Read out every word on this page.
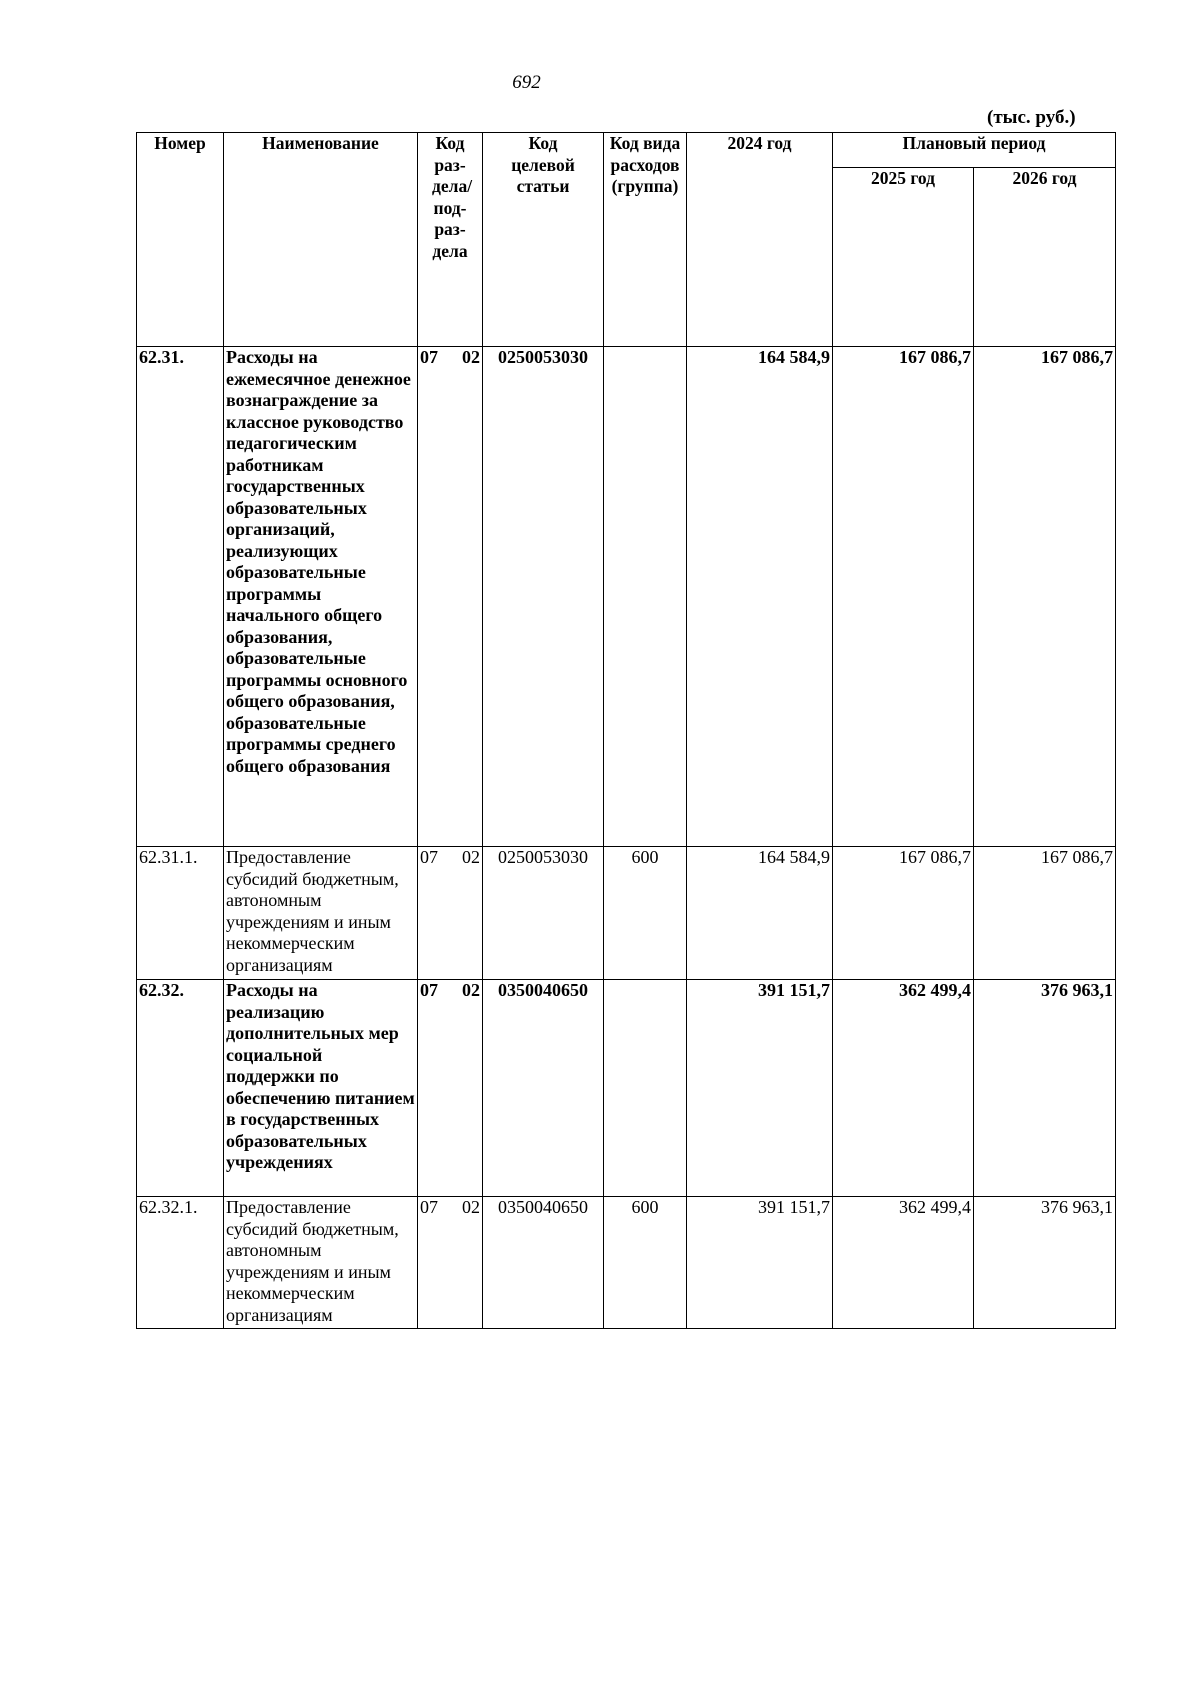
692
(тыс. руб.)
Номер	Наименование	Код раз-дела/ под-раз-дела	Код целевой статьи	Код вида расходов (группа)	2024 год	Плановый период	
						2025 год	2026 год
62.31.	Расходы на ежемесячное денежное вознаграждение за классное руководство педагогическим работникам государственных образовательных организаций, реализующих образовательные программы начального общего образования, образовательные программы основного общего образования, образовательные программы среднего общего образования	07 02	0250053030		164 584,9	167 086,7	167 086,7
62.31.1.	Предоставление субсидий бюджетным, автономным учреждениям и иным некоммерческим организациям	07 02	0250053030	600	164 584,9	167 086,7	167 086,7
62.32.	Расходы на реализацию дополнительных мер социальной поддержки по обеспечению питанием в государственных образовательных учреждениях	07 02	0350040650		391 151,7	362 499,4	376 963,1
62.32.1.	Предоставление субсидий бюджетным, автономным учреждениям и иным некоммерческим организациям	07 02	0350040650	600	391 151,7	362 499,4	376 963,1
